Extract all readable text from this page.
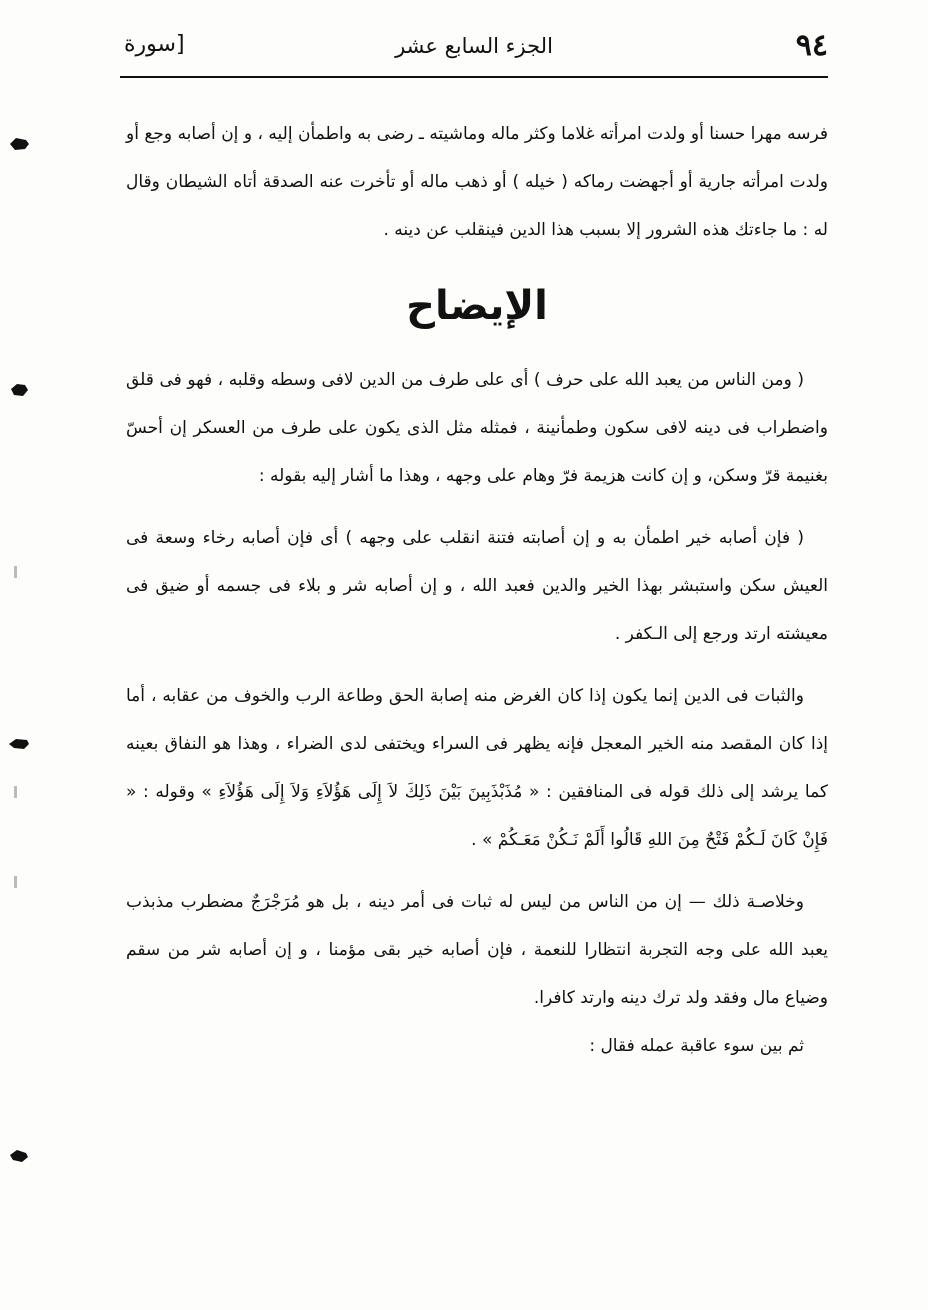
٩٤
الجزء السابع عشر
[سورة

فرسه مهرا حسنا أو ولدت امرأته غلاما وكثر ماله وماشيته ـ رضى به واطمأن إليه ، و إن أصابه وجع أو ولدت امرأته جارية أو أجهضت رماكه ( خيله ) أو ذهب ماله أو تأخرت عنه الصدقة أتاه الشيطان وقال له : ما جاءتك هذه الشرور إلا بسبب هذا الدين فينقلب عن دينه .

الإيضاح

( ومن الناس من يعبد الله على حرف ) أى على طرف من الدين لافى وسطه وقلبه ، فهو فى قلق واضطراب فى دينه لافى سكون وطمأنينة ، فمثله مثل الذى يكون على طرف من العسكر إن أحسّ بغنيمة قرّ وسكن، و إن كانت هزيمة فرّ وهام على وجهه ، وهذا ما أشار إليه بقوله :

( فإن أصابه خير اطمأن به و إن أصابته فتنة انقلب على وجهه ) أى فإن أصابه رخاء وسعة فى العيش سكن واستبشر بهذا الخير والدين فعبد الله ، و إن أصابه شر و بلاء فى جسمه أو ضيق فى معيشته ارتد ورجع إلى الـكفر .

والثبات فى الدين إنما يكون إذا كان الغرض منه إصابة الحق وطاعة الرب والخوف من عقابه ، أما إذا كان المقصد منه الخير المعجل فإنه يظهر فى السراء ويختفى لدى الضراء ، وهذا هو النفاق بعينه كما يرشد إلى ذلك قوله فى المنافقين : « مُذَبْذَبِينَ بَيْنَ ذَلِكَ لاَ إِلَى هَؤُلاَءِ وَلاَ إِلَى هَؤُلاَءِ » وقوله : « فَإِنْ كَانَ لَـكُمْ فَتْحٌ مِنَ اللهِ قَالُوا أَلَمْ نَـكُنْ مَعَـكُمْ » .

وخلاصـة ذلك — إن من الناس من ليس له ثبات فى أمر دينه ، بل هو مُرَجْرَجٌ مضطرب مذبذب يعبد الله على وجه التجربة انتظارا للنعمة ، فإن أصابه خير بقى مؤمنا ، و إن أصابه شر من سقم وضياع مال وفقد ولد ترك دينه وارتد كافرا.

ثم بين سوء عاقبة عمله فقال :
